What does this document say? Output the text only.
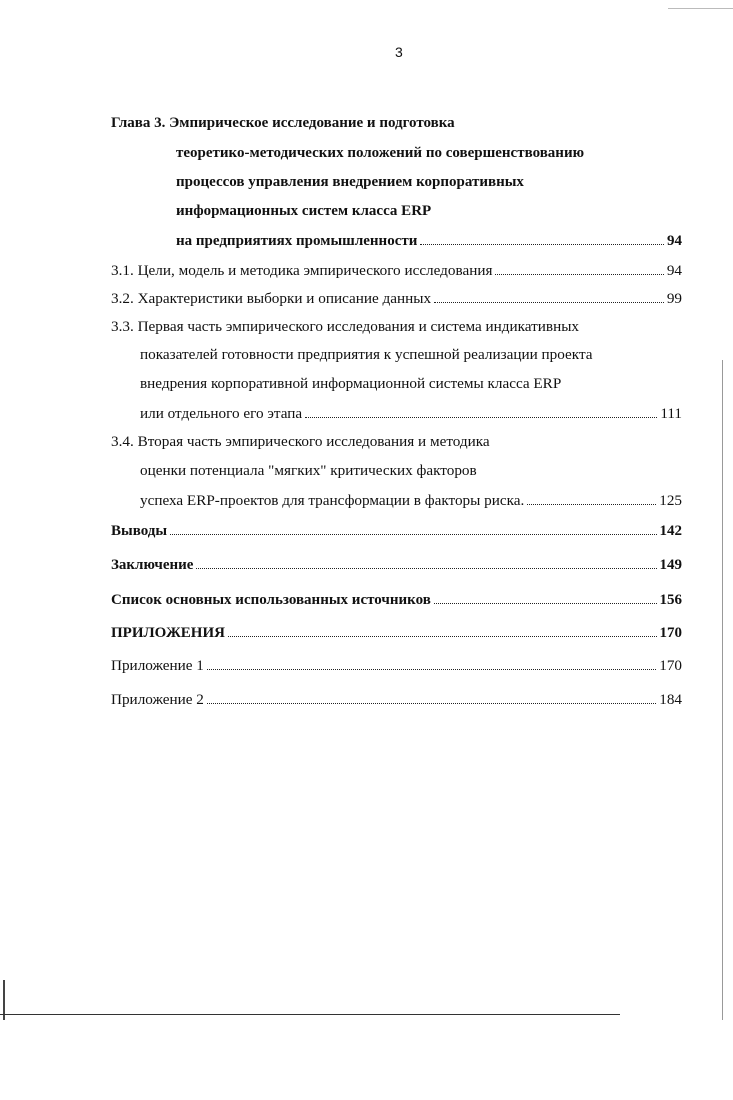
3
Глава 3. Эмпирическое исследование и подготовка
теоретико-методических положений по совершенствованию
процессов управления внедрением корпоративных
информационных систем класса ERP
на предприятиях промышленности	94
3.1. Цели, модель и методика эмпирического исследования	94
3.2. Характеристики выборки и описание данных	99
3.3. Первая часть эмпирического исследования и система индикативных
показателей готовности предприятия к успешной реализации проекта
внедрения корпоративной информационной системы класса ERP
или отдельного его этапа	111
3.4. Вторая часть эмпирического исследования и методика
оценки потенциала "мягких" критических факторов
успеха ERP-проектов для трансформации в факторы риска.	125
Выводы	142
Заключение	149
Список основных использованных источников	156
ПРИЛОЖЕНИЯ	170
Приложение 1	170
Приложение 2	184
